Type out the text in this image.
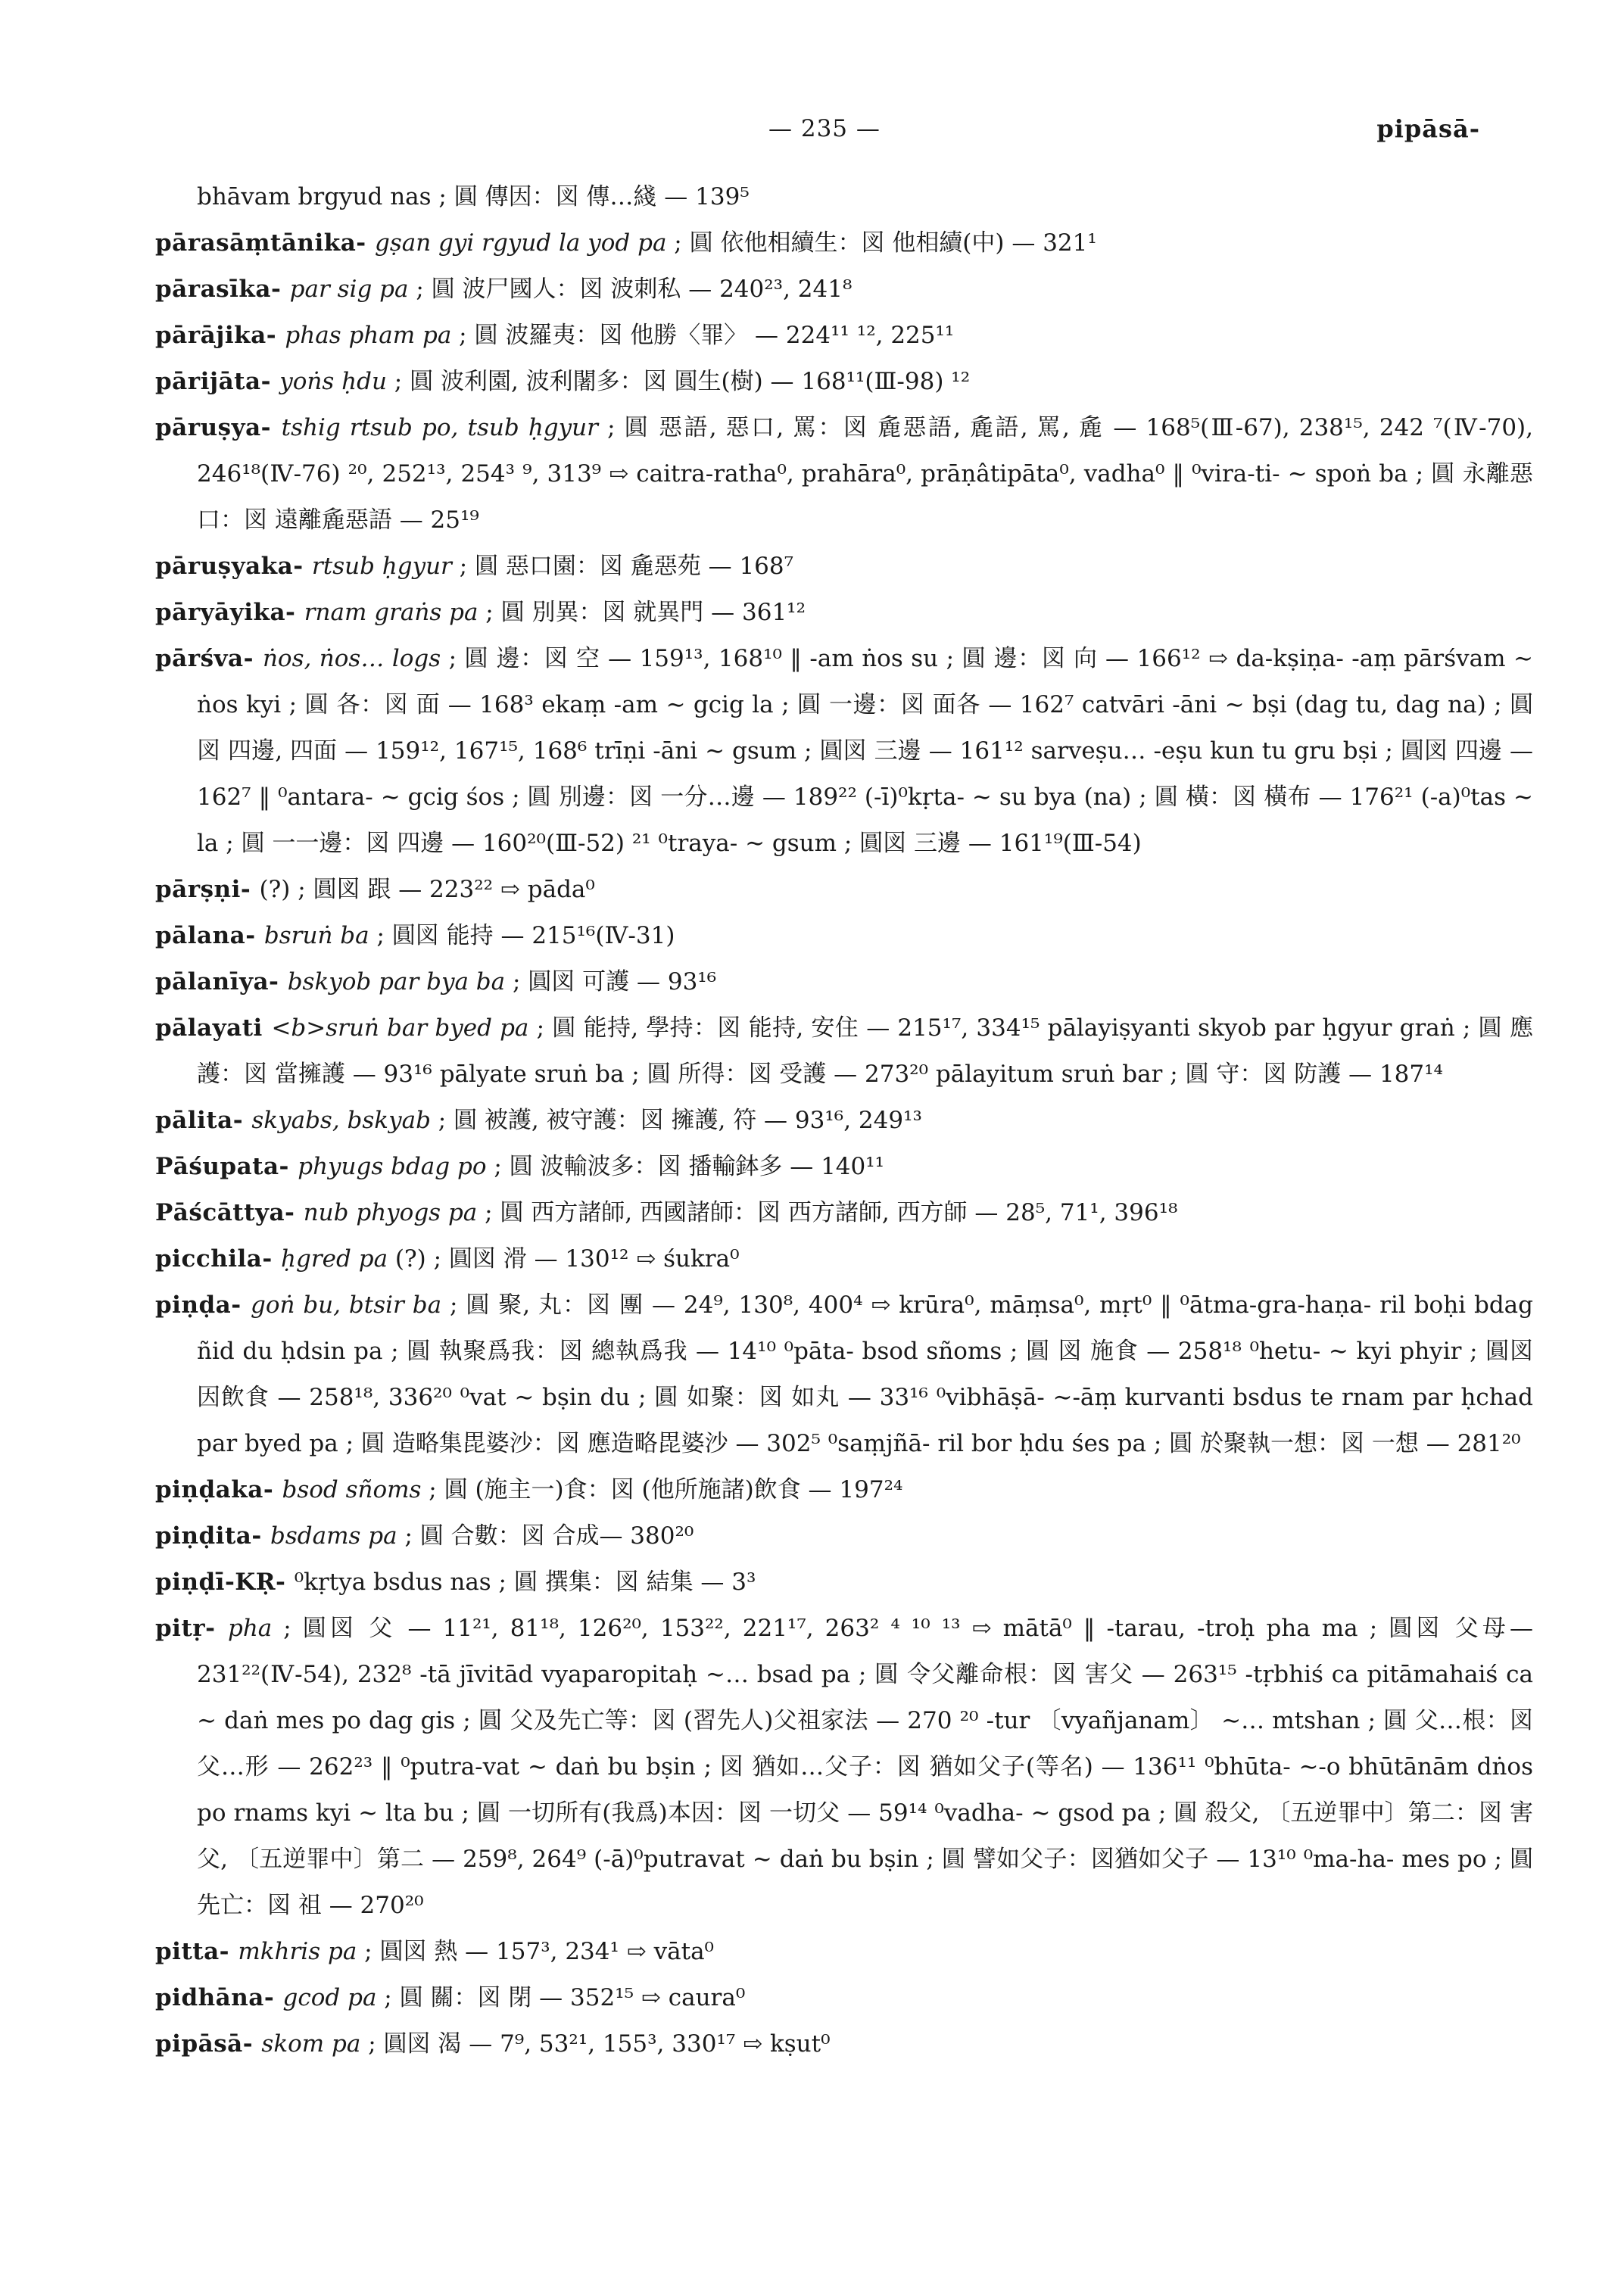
— 235 —	pipāsā-

bhāvam brgyud nas ; 圓 傳因：図 傳…綫 — 139⁵

pārasāṃtānika- gṣan gyi rgyud la yod pa ; 圓 依他相續生：図 他相續(中) — 321¹

pārasīka- par sig pa ; 圓 波尸國人：図 波刺私 — 240²³, 241⁸

pārājika- phas pham pa ; 圓 波羅夷：図 他勝〈罪〉 — 224¹¹ ¹², 225¹¹

pārijāta- yoṅs ḥdu ; 圓 波利園, 波利闍多：図 圓生(樹) — 168¹¹(Ⅲ-98) ¹²

pāruṣya- tshig rtsub po, tsub ḥgyur ; 圓 惡語, 惡口, 罵：図 麁惡語, 麁語, 罵, 麁 — 168⁵(Ⅲ-67), 238¹⁵, 242 ⁷(Ⅳ-70), 246¹⁸(Ⅳ-76) ²⁰, 252¹³, 254³ ⁹, 313⁹ ⇨ caitra-ratha⁰, prahāra⁰, prāṇâtipāta⁰, vadha⁰ ‖ ⁰vira-ti- ∼ spoṅ ba ; 圓 永離惡口：図 遠離麁惡語 — 25¹⁹

pāruṣyaka- rtsub ḥgyur ; 圓 惡口園：図 麁惡苑 — 168⁷

pāryāyika- rnam graṅs pa ; 圓 別異：図 就異門 — 361¹²

pārśva- ṅos, ṅos… logs ; 圓 邊：図 空 — 159¹³, 168¹⁰ ‖ -am ṅos su ; 圓 邊：図 向 — 166¹² ⇨ da-kṣiṇa- -aṃ pārśvam ∼ ṅos kyi ; 圓 各：図 面 — 168³ ekaṃ -am ∼ gcig la ; 圓 一邊：図 面各 — 162⁷ catvāri -āni ∼ bṣi (dag tu, dag na) ; 圓図 四邊, 四面 — 159¹², 167¹⁵, 168⁶ trīṇi -āni ∼ gsum ; 圓図 三邊 — 161¹² sarveṣu… -eṣu kun tu gru bṣi ; 圓図 四邊 — 162⁷ ‖ ⁰antara- ∼ gcig śos ; 圓 別邊：図 一分…邊 — 189²² (-ī)⁰kṛta- ∼ su bya (na) ; 圓 橫：図 橫布 — 176²¹ (-a)⁰tas ∼ la ; 圓 一一邊：図 四邊 — 160²⁰(Ⅲ-52) ²¹ ⁰traya- ∼ gsum ; 圓図 三邊 — 161¹⁹(Ⅲ-54)

pārṣṇi- (?) ; 圓図 跟 — 223²² ⇨ pāda⁰

pālana- bsruṅ ba ; 圓図 能持 — 215¹⁶(Ⅳ-31)

pālanīya- bskyob par bya ba ; 圓図 可護 — 93¹⁶

pālayati <b>sruṅ bar byed pa ; 圓 能持, 學持：図 能持, 安住 — 215¹⁷, 334¹⁵ pālayiṣyanti skyob par ḥgyur graṅ ; 圓 應護：図 當擁護 — 93¹⁶ pālyate sruṅ ba ; 圓 所得：図 受護 — 273²⁰ pālayitum sruṅ bar ; 圓 守：図 防護 — 187¹⁴

pālita- skyabs, bskyab ; 圓 被護, 被守護：図 擁護, 符 — 93¹⁶, 249¹³

Pāśupata- phyugs bdag po ; 圓 波輸波多：図 播輸鉢多 — 140¹¹

Pāścāttya- nub phyogs pa ; 圓 西方諸師, 西國諸師：図 西方諸師, 西方師 — 28⁵, 71¹, 396¹⁸

picchila- ḥgred pa (?) ; 圓図 滑 — 130¹² ⇨ śukra⁰

piṇḍa- goṅ bu, btsir ba ; 圓 聚, 丸：図 團 — 24⁹, 130⁸, 400⁴ ⇨ krūra⁰, māṃsa⁰, mṛt⁰ ‖ ⁰ātma-gra-haṇa- ril boḥi bdag ñid du ḥdsin pa ; 圓 執聚爲我：図 總執爲我 — 14¹⁰ ⁰pāta- bsod sñoms ; 圓 図 施食 — 258¹⁸ ⁰hetu- ∼ kyi phyir ; 圓図 因飲食 — 258¹⁸, 336²⁰ ⁰vat ∼ bṣin du ; 圓 如聚：図 如丸 — 33¹⁶ ⁰vibhāṣā- ∼-āṃ kurvanti bsdus te rnam par ḥchad par byed pa ; 圓 造略集毘婆沙：図 應造略毘婆沙 — 302⁵ ⁰saṃjñā- ril bor ḥdu śes pa ; 圓 於聚執一想：図 一想 — 281²⁰

piṇḍaka- bsod sñoms ; 圓 (施主一)食：図 (他所施諸)飲食 — 197²⁴

piṇḍita- bsdams pa ; 圓 合數：図 合成— 380²⁰

piṇḍī-KṚ- ⁰kṛtya bsdus nas ; 圓 撰集：図 結集 — 3³

pitṛ- pha ; 圓図 父 — 11²¹, 81¹⁸, 126²⁰, 153²², 221¹⁷, 263² ⁴ ¹⁰ ¹³ ⇨ mātā⁰ ‖ -tarau, -troḥ pha ma ; 圓図 父母— 231²²(Ⅳ-54), 232⁸ -tā jīvitād vyaparopitaḥ ∼… bsad pa ; 圓 令父離命根：図 害父 — 263¹⁵ -tṛbhiś ca pitāmahaiś ca ∼ daṅ mes po dag gis ; 圓 父及先亡等：図 (習先人)父祖家法 — 270 ²⁰ -tur 〔vyañjanam〕 ∼… mtshan ; 圓 父…根：図 父…形 — 262²³ ‖ ⁰putra-vat ∼ daṅ bu bṣin ; 図 猶如…父子：図 猶如父子(等名) — 136¹¹ ⁰bhūta- ∼-o bhūtānām dṅos po rnams kyi ∼ lta bu ; 圓 一切所有(我爲)本因：図 一切父 — 59¹⁴ ⁰vadha- ∼ gsod pa ; 圓 殺父, 〔五逆罪中〕第二：図 害父, 〔五逆罪中〕第二 — 259⁸, 264⁹ (-ā)⁰putravat ∼ daṅ bu bṣin ; 圓 譬如父子：図猶如父子 — 13¹⁰ ⁰ma-ha- mes po ; 圓 先亡：図 祖 — 270²⁰

pitta- mkhris pa ; 圓図 熱 — 157³, 234¹ ⇨ vāta⁰

pidhāna- gcod pa ; 圓 關：図 閉 — 352¹⁵ ⇨ caura⁰

pipāsā- skom pa ; 圓図 渴 — 7⁹, 53²¹, 155³, 330¹⁷ ⇨ kṣut⁰
